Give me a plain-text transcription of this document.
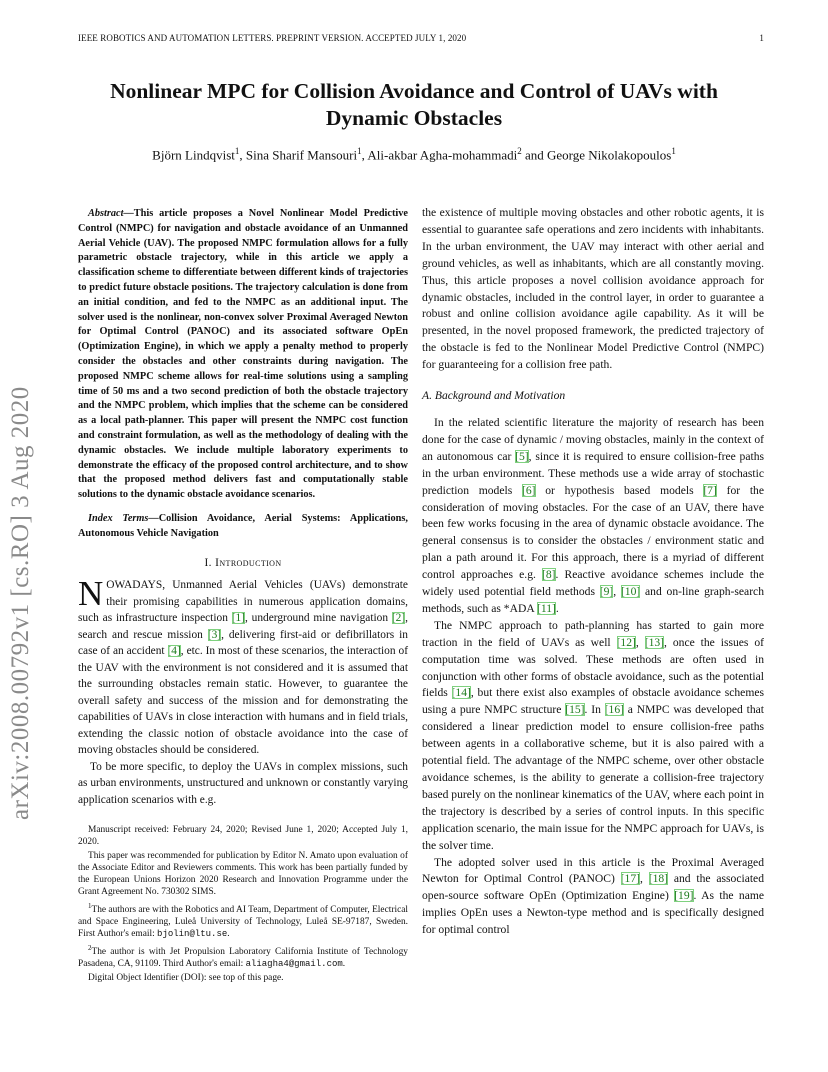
IEEE ROBOTICS AND AUTOMATION LETTERS. PREPRINT VERSION. ACCEPTED JULY 1, 2020	1
arXiv:2008.00792v1 [cs.RO] 3 Aug 2020
Nonlinear MPC for Collision Avoidance and Control of UAVs with Dynamic Obstacles
Björn Lindqvist$^1$, Sina Sharif Mansouri$^1$, Ali-akbar Agha-mohammadi$^2$ and George Nikolakopoulos$^1$

Abstract—This article proposes a Novel Nonlinear Model Predictive Control (NMPC) for navigation and obstacle avoidance of an Unmanned Aerial Vehicle (UAV). The proposed NMPC formulation allows for a fully parametric obstacle trajectory, while in this article we apply a classification scheme to differentiate between different kinds of trajectories to predict future obstacle positions. The trajectory calculation is done from an initial condition, and fed to the NMPC as an additional input. The solver used is the nonlinear, non-convex solver Proximal Averaged Newton for Optimal Control (PANOC) and its associated software OpEn (Optimization Engine), in which we apply a penalty method to properly consider the obstacles and other constraints during navigation. The proposed NMPC scheme allows for real-time solutions using a sampling time of 50 ms and a two second prediction of both the obstacle trajectory and the NMPC problem, which implies that the scheme can be considered as a local path-planner. This paper will present the NMPC cost function and constraint formulation, as well as the methodology of dealing with the dynamic obstacles. We include multiple laboratory experiments to demonstrate the efficacy of the proposed control architecture, and to show that the proposed method delivers fast and computationally stable solutions to the dynamic obstacle avoidance scenarios.

Index Terms—Collision Avoidance, Aerial Systems: Applications, Autonomous Vehicle Navigation

I. Introduction

NOWADAYS, Unmanned Aerial Vehicles (UAVs) demonstrate their promising capabilities in numerous application domains, such as infrastructure inspection [1], underground mine navigation [2], search and rescue mission [3], delivering first-aid or defibrillators in case of an accident [4], etc. In most of these scenarios, the interaction of the UAV with the environment is not considered and it is assumed that the surrounding obstacles remain static. However, to guarantee the overall safety and success of the mission and for demonstrating the capabilities of UAVs in close interaction with humans and in field trials, extending the classic notion of obstacle avoidance into the case of moving obstacles should be considered.

To be more specific, to deploy the UAVs in complex missions, such as urban environments, unstructured and unknown or constantly varying application scenarios with e.g.

Manuscript received: February 24, 2020; Revised June 1, 2020; Accepted July 1, 2020.

This paper was recommended for publication by Editor N. Amato upon evaluation of the Associate Editor and Reviewers comments. This work has been partially funded by the European Unions Horizon 2020 Research and Innovation Programme under the Grant Agreement No. 730302 SIMS.

$^1$The authors are with the Robotics and AI Team, Department of Computer, Electrical and Space Engineering, Luleå University of Technology, Luleå SE-97187, Sweden. First Author's email: bjolin@ltu.se.

$^2$The author is with Jet Propulsion Laboratory California Institute of Technology Pasadena, CA, 91109. Third Author's email: aliagha4@gmail.com.

Digital Object Identifier (DOI): see top of this page.

the existence of multiple moving obstacles and other robotic agents, it is essential to guarantee safe operations and zero incidents with inhabitants. In the urban environment, the UAV may interact with other aerial and ground vehicles, as well as inhabitants, which are all constantly moving. Thus, this article proposes a novel collision avoidance approach for dynamic obstacles, included in the control layer, in order to guarantee a robust and online collision avoidance agile capability. As it will be presented, in the novel proposed framework, the predicted trajectory of the obstacle is fed to the Nonlinear Model Predictive Control (NMPC) for guaranteeing for a collision free path.

A. Background and Motivation

In the related scientific literature the majority of research has been done for the case of dynamic / moving obstacles, mainly in the context of an autonomous car [5], since it is required to ensure collision-free paths in the urban environment. These methods use a wide array of stochastic prediction models [6] or hypothesis based models [7] for the consideration of moving obstacles. For the case of an UAV, there have been few works focusing in the area of dynamic obstacle avoidance. The general consensus is to consider the obstacles / environment static and plan a path around it. For this approach, there is a myriad of different control approaches e.g. [8]. Reactive avoidance schemes include the widely used potential field methods [9], [10] and on-line graph-search methods, such as *ADA [11].

The NMPC approach to path-planning has started to gain more traction in the field of UAVs as well [12], [13], once the issues of computation time was solved. These methods are often used in conjunction with other forms of obstacle avoidance, such as the potential fields [14], but there exist also examples of obstacle avoidance schemes using a pure NMPC structure [15]. In [16] a NMPC was developed that considered a linear prediction model to ensure collision-free paths between agents in a collaborative scheme, but it is also paired with a potential field. The advantage of the NMPC scheme, over other obstacle avoidance schemes, is the ability to generate a collision-free trajectory based purely on the nonlinear kinematics of the UAV, where each point in the trajectory is described by a series of control inputs. In this specific application scenario, the main issue for the NMPC approach for UAVs, is the solver time.

The adopted solver used in this article is the Proximal Averaged Newton for Optimal Control (PANOC) [17], [18] and the associated open-source software OpEn (Optimization Engine) [19]. As the name implies OpEn uses a Newton-type method and is specifically designed for optimal control
